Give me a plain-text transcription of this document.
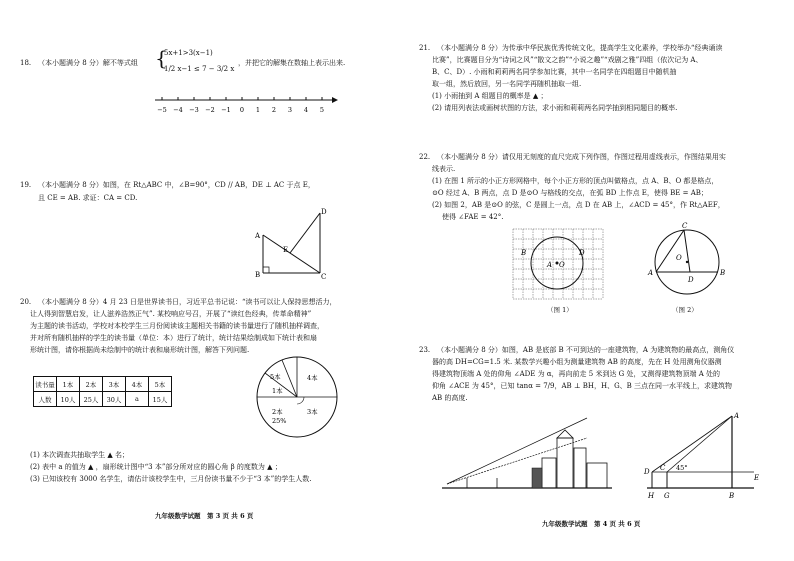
18. （本小题满分 8 分）解不等式组 {
5x+1>3(x−1)
1/2 x−1 ≤ 7 − 3/2 x
，并把它的解集在数轴上表示出来.
−5 −4 −3 −2 −1 0 1 2 3 4 5
19. （本小题满分 8 分）如图，在 Rt△ABC 中，∠B=90°，CD // AB，DE ⊥ AC 于点 E，
且 CE = AB. 求证：CA = CD.
A
B	C
D
E
20. （本小题满分 8 分）4 月 23 日是世界读书日，习近平总书记说：“读书可以让人保持思想活力，
让人得到智慧启发，让人滋养浩然正气”. 某校响应号召，开展了“读红色经典，传革命精神”
为主题的读书活动，学校对本校学生三月份阅读该主题相关书籍的读书量进行了随机抽样调查，
并对所有随机抽样的学生的读书量（单位：本）进行了统计，统计结果绘制成如下统计表和扇
形统计图，请你根据尚未绘制中的统计表和扇形统计图，解答下列问题.
读书量	1本	2本	3本	4本	5本
人数	10人	25人	30人	a	15人
4本
5本
1本
2本
25%
3本
(1) 本次调查共抽取学生 ▲ 名；
(2) 表中 a 的值为 ▲ ，扇形统计图中“3 本”部分所对应的圆心角 β 的度数为 ▲ ；
(3) 已知该校有 3000 名学生，请估计该校学生中，三月份读书量不少于“3 本”的学生人数.
九年级数学试题　第 3 页 共 6 页
21. （本小题满分 8 分）为传承中华民族优秀传统文化，提高学生文化素养，学校举办“经典诵读
比赛”，比赛题目分为“诗词之风”“散文之韵”“小说之趣”“戏剧之雅”四组（依次记为 A、
B、C、D）. 小雨和莉莉两名同学参加比赛，其中一名同学在四组题目中随机抽
取一组，然后放回，另一名同学再随机抽取一组.
(1) 小雨抽到 A 组题目的概率是 ▲ ；
(2) 请用列表法或画树状图的方法，求小雨和莉莉两名同学抽到相同题目的概率.
22. （本小题满分 8 分）请仅用无刻度的直尺完成下列作图，作图过程用虚线表示，作图结果用实
线表示.
(1) 在图 1 所示的小正方形网格中，每个小正方形的顶点叫做格点，点 A、B、O 都是格点，
⊙O 经过 A、B 两点，点 D 是⊙O 与格线的交点，在弧 BD 上作点 E，使得 BE = AB；
(2) 如图 2，AB 是⊙O 的弦，C 是圆上一点，点 D 在 AB 上，∠ACD = 45°，作 Rt△AEF，
使得 ∠FAE = 42°.
A O
B	D
（图 1）
C
A	B
D
O
（图 2）
23. （本小题满分 8 分）如图，AB 是底部 B 不可到达的一座建筑物，A 为建筑物的最高点，测角仪
器的高 DH=CG=1.5 米. 某数学兴趣小组为测量建筑物 AB 的高度，先在 H 处用测角仪器测
得建筑物顶端 A 处的仰角 ∠ADE 为 α，再向前走 5 米到达 G 处，又测得建筑物顶端 A 处的
仰角 ∠ACE 为 45°，已知 tanα = 7/9，AB ⊥ BH，H、G、B 三点在同一水平线上，求建筑物
AB 的高度.
A
D C
E
H G	B
45°
九年级数学试题　第 4 页 共 6 页
